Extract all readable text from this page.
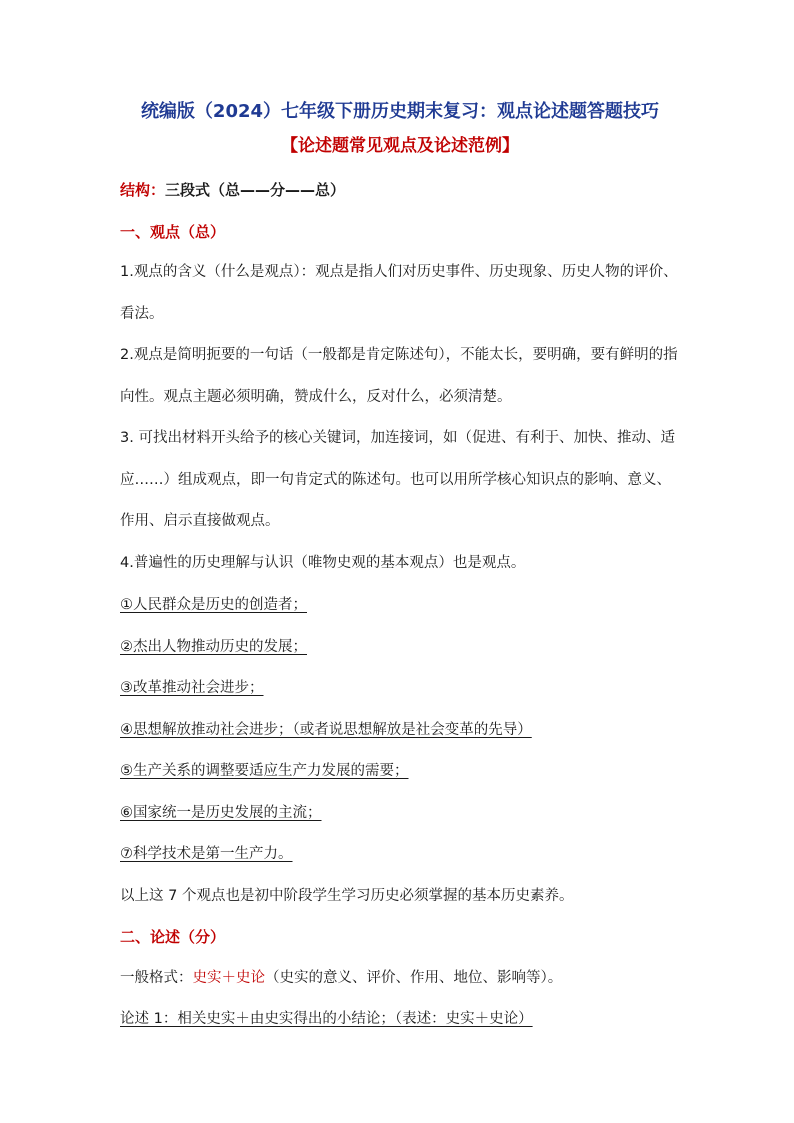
统编版（2024）七年级下册历史期末复习：观点论述题答题技巧
【论述题常见观点及论述范例】
结构：三段式（总——分——总）
一、观点（总）
1.观点的含义（什么是观点）：观点是指人们对历史事件、历史现象、历史人物的评价、看法。
2.观点是简明扼要的一句话（一般都是肯定陈述句），不能太长，要明确，要有鲜明的指向性。观点主题必须明确，赞成什么，反对什么，必须清楚。
3. 可找出材料开头给予的核心关键词，加连接词，如（促进、有利于、加快、推动、适应……）组成观点，即一句肯定式的陈述句。也可以用所学核心知识点的影响、意义、作用、启示直接做观点。
4.普遍性的历史理解与认识（唯物史观的基本观点）也是观点。
①人民群众是历史的创造者；
②杰出人物推动历史的发展；
③改革推动社会进步；
④思想解放推动社会进步；（或者说思想解放是社会变革的先导）
⑤生产关系的调整要适应生产力发展的需要；
⑥国家统一是历史发展的主流；
⑦科学技术是第一生产力。
以上这 7 个观点也是初中阶段学生学习历史必须掌握的基本历史素养。
二、论述（分）
一般格式：史实＋史论（史实的意义、评价、作用、地位、影响等）。
论述 1：相关史实＋由史实得出的小结论；（表述：史实＋史论）
